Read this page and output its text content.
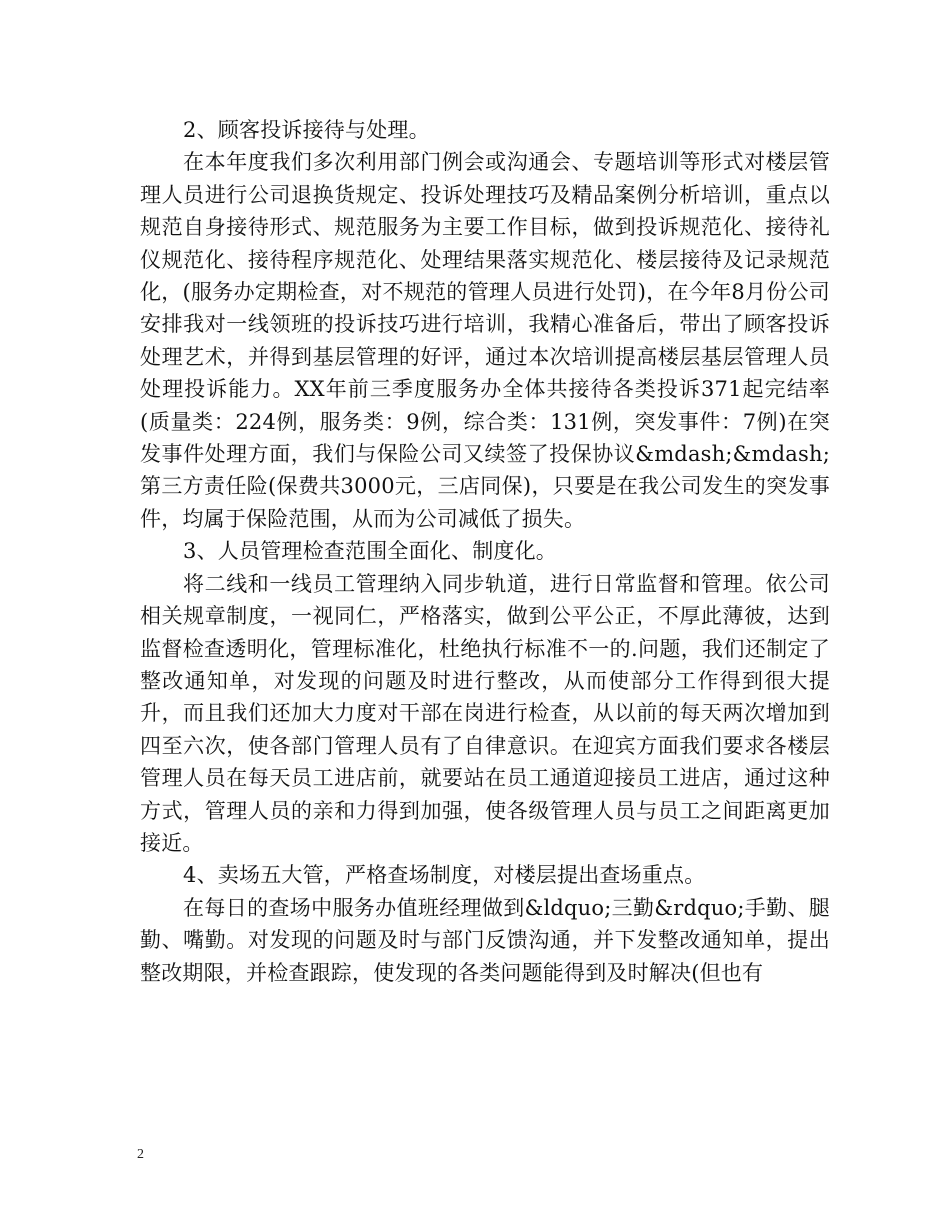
2、顾客投诉接待与处理。

在本年度我们多次利用部门例会或沟通会、专题培训等形式对楼层管理人员进行公司退换货规定、投诉处理技巧及精品案例分析培训，重点以规范自身接待形式、规范服务为主要工作目标，做到投诉规范化、接待礼仪规范化、接待程序规范化、处理结果落实规范化、楼层接待及记录规范化，(服务办定期检查，对不规范的管理人员进行处罚)，在今年8月份公司安排我对一线领班的投诉技巧进行培训，我精心准备后，带出了顾客投诉处理艺术，并得到基层管理的好评，通过本次培训提高楼层基层管理人员处理投诉能力。XX年前三季度服务办全体共接待各类投诉371起完结率(质量类：224例，服务类：9例，综合类：131例，突发事件：7例)在突发事件处理方面，我们与保险公司又续签了投保协议&mdash;&mdash;第三方责任险(保费共3000元，三店同保)，只要是在我公司发生的突发事件，均属于保险范围，从而为公司减低了损失。

3、人员管理检查范围全面化、制度化。

将二线和一线员工管理纳入同步轨道，进行日常监督和管理。依公司相关规章制度，一视同仁，严格落实，做到公平公正，不厚此薄彼，达到监督检查透明化，管理标准化，杜绝执行标准不一的.问题，我们还制定了整改通知单，对发现的问题及时进行整改，从而使部分工作得到很大提升，而且我们还加大力度对干部在岗进行检查，从以前的每天两次增加到四至六次，使各部门管理人员有了自律意识。在迎宾方面我们要求各楼层管理人员在每天员工进店前，就要站在员工通道迎接员工进店，通过这种方式，管理人员的亲和力得到加强，使各级管理人员与员工之间距离更加接近。

4、卖场五大管，严格查场制度，对楼层提出查场重点。

在每日的查场中服务办值班经理做到&ldquo;三勤&rdquo;手勤、腿勤、嘴勤。对发现的问题及时与部门反馈沟通，并下发整改通知单，提出整改期限，并检查跟踪，使发现的各类问题能得到及时解决(但也有

2
